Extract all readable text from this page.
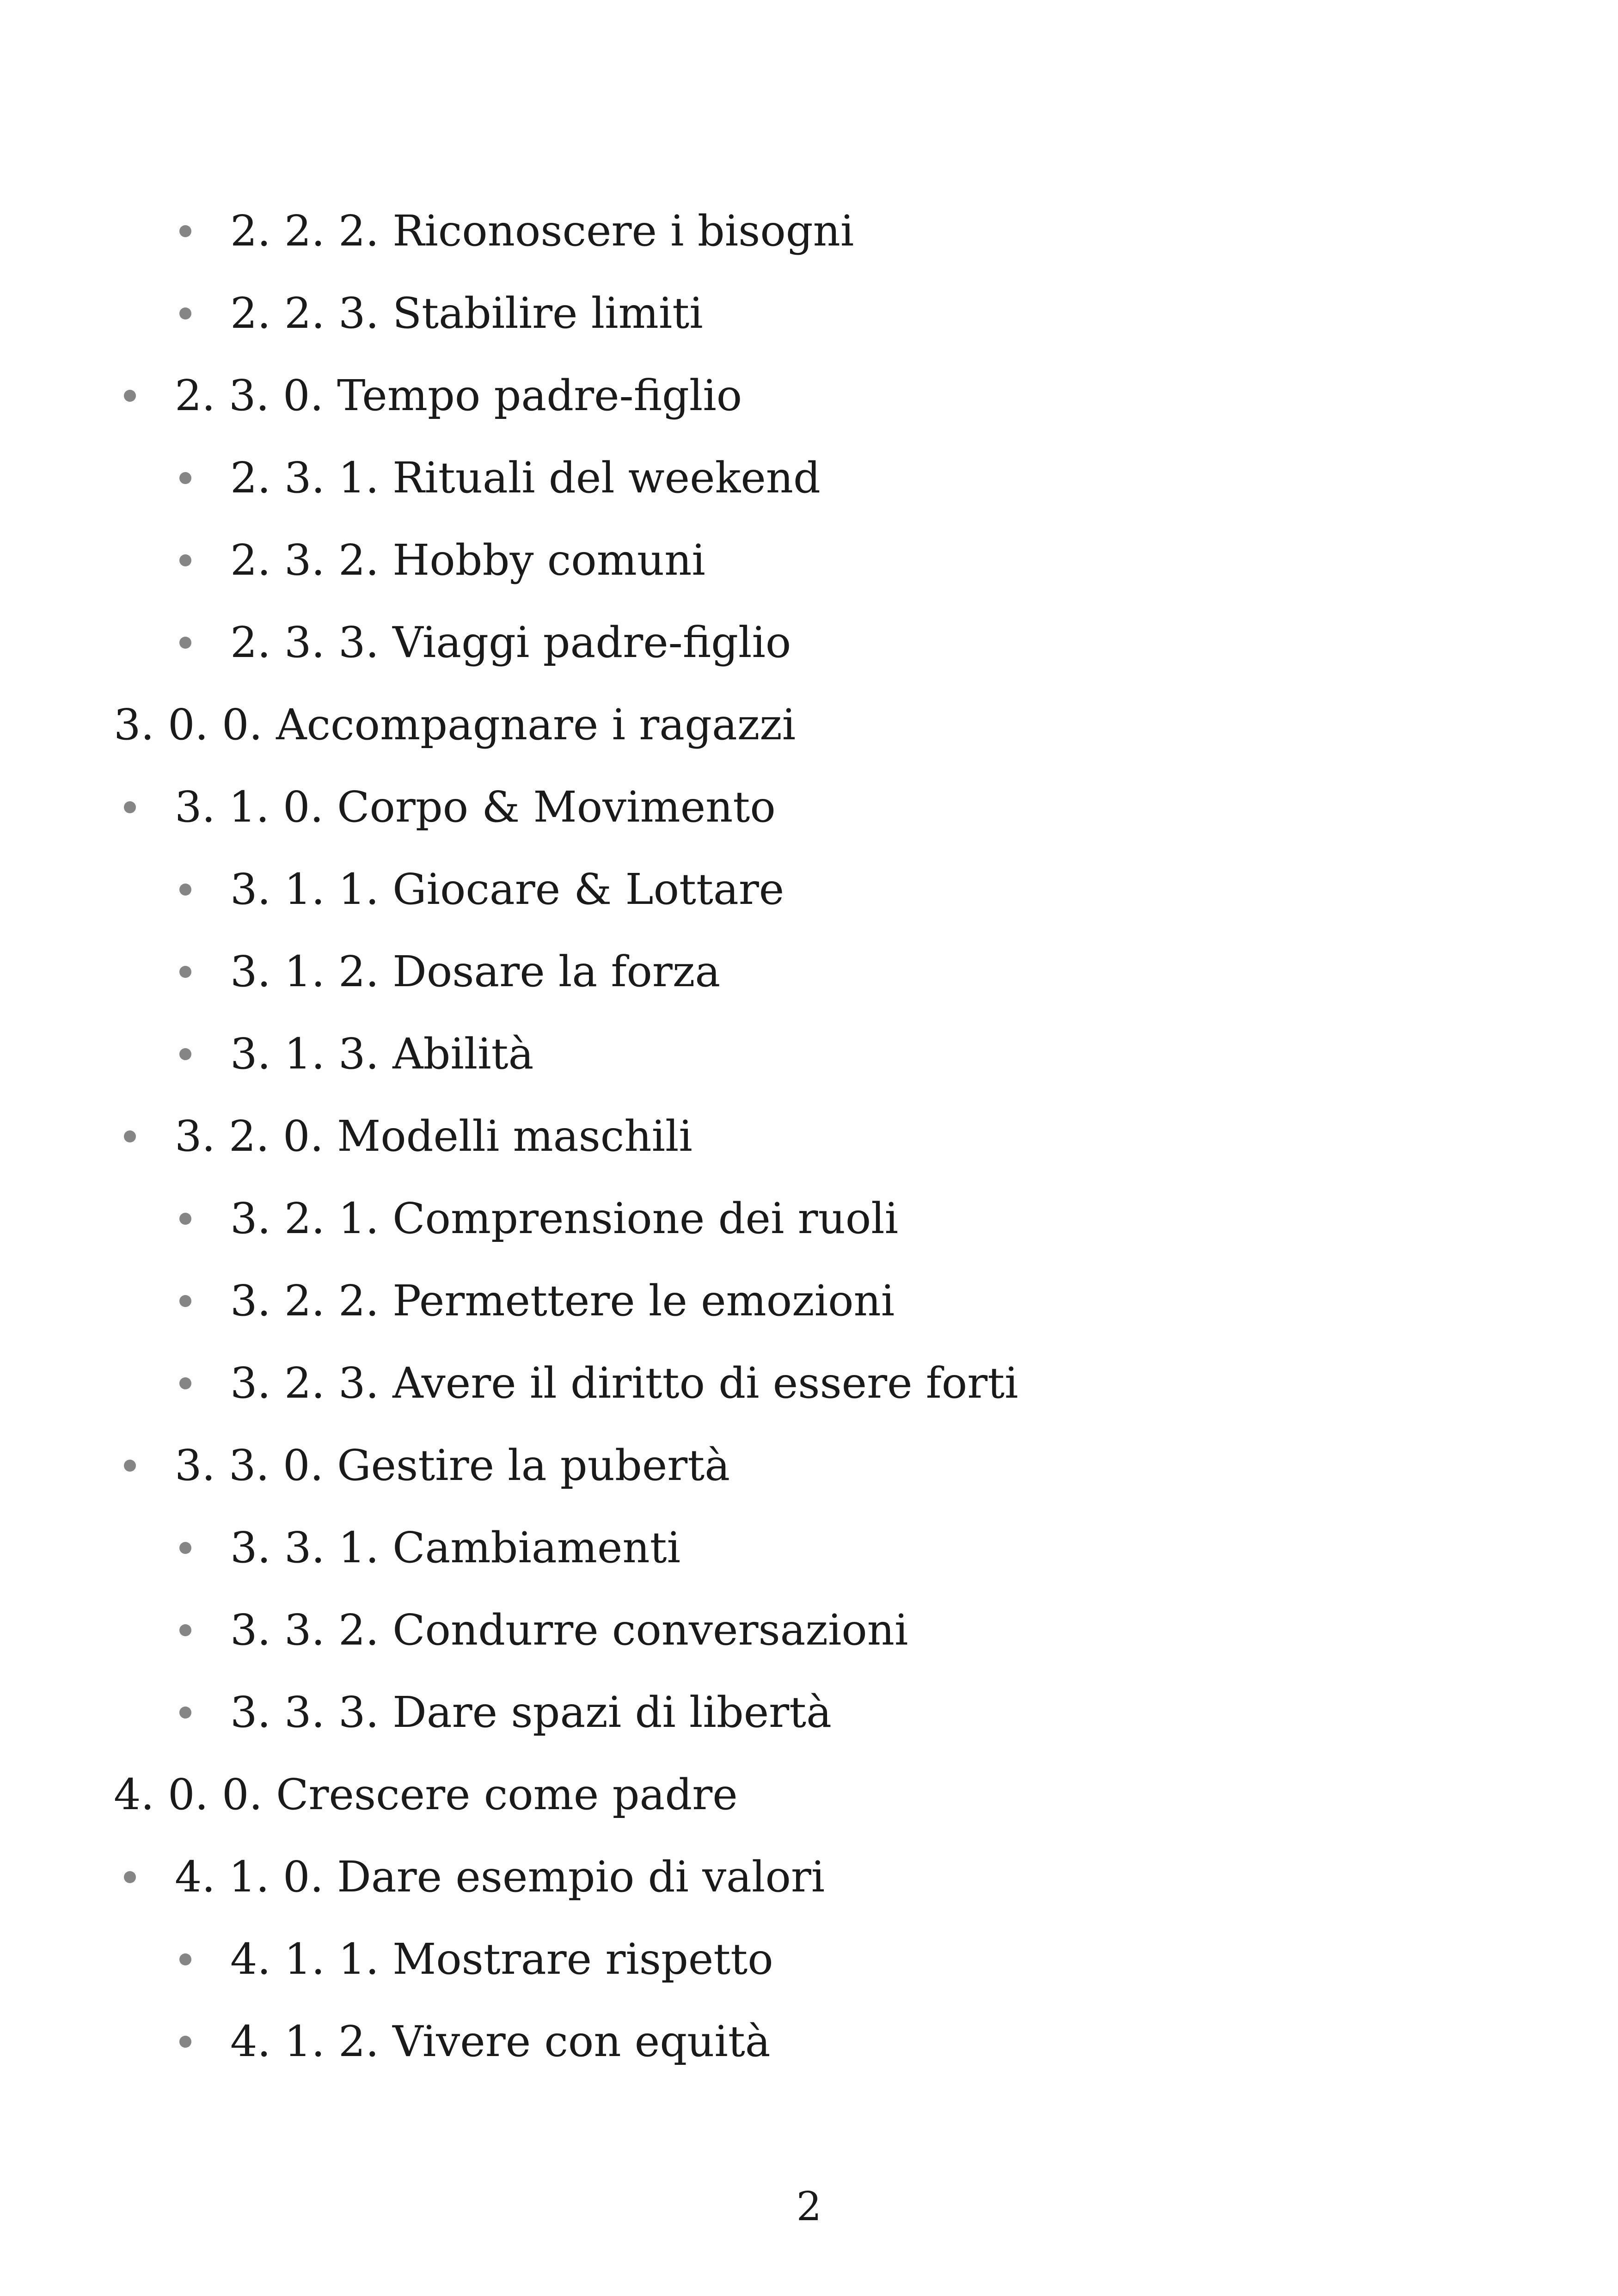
2. 2. 2. Riconoscere i bisogni
2. 2. 3. Stabilire limiti
2. 3. 0. Tempo padre-figlio
2. 3. 1. Rituali del weekend
2. 3. 2. Hobby comuni
2. 3. 3. Viaggi padre-figlio
3. 0. 0. Accompagnare i ragazzi
3. 1. 0. Corpo & Movimento
3. 1. 1. Giocare & Lottare
3. 1. 2. Dosare la forza
3. 1. 3. Abilità
3. 2. 0. Modelli maschili
3. 2. 1. Comprensione dei ruoli
3. 2. 2. Permettere le emozioni
3. 2. 3. Avere il diritto di essere forti
3. 3. 0. Gestire la pubertà
3. 3. 1. Cambiamenti
3. 3. 2. Condurre conversazioni
3. 3. 3. Dare spazi di libertà
4. 0. 0. Crescere come padre
4. 1. 0. Dare esempio di valori
4. 1. 1. Mostrare rispetto
4. 1. 2. Vivere con equità
2
